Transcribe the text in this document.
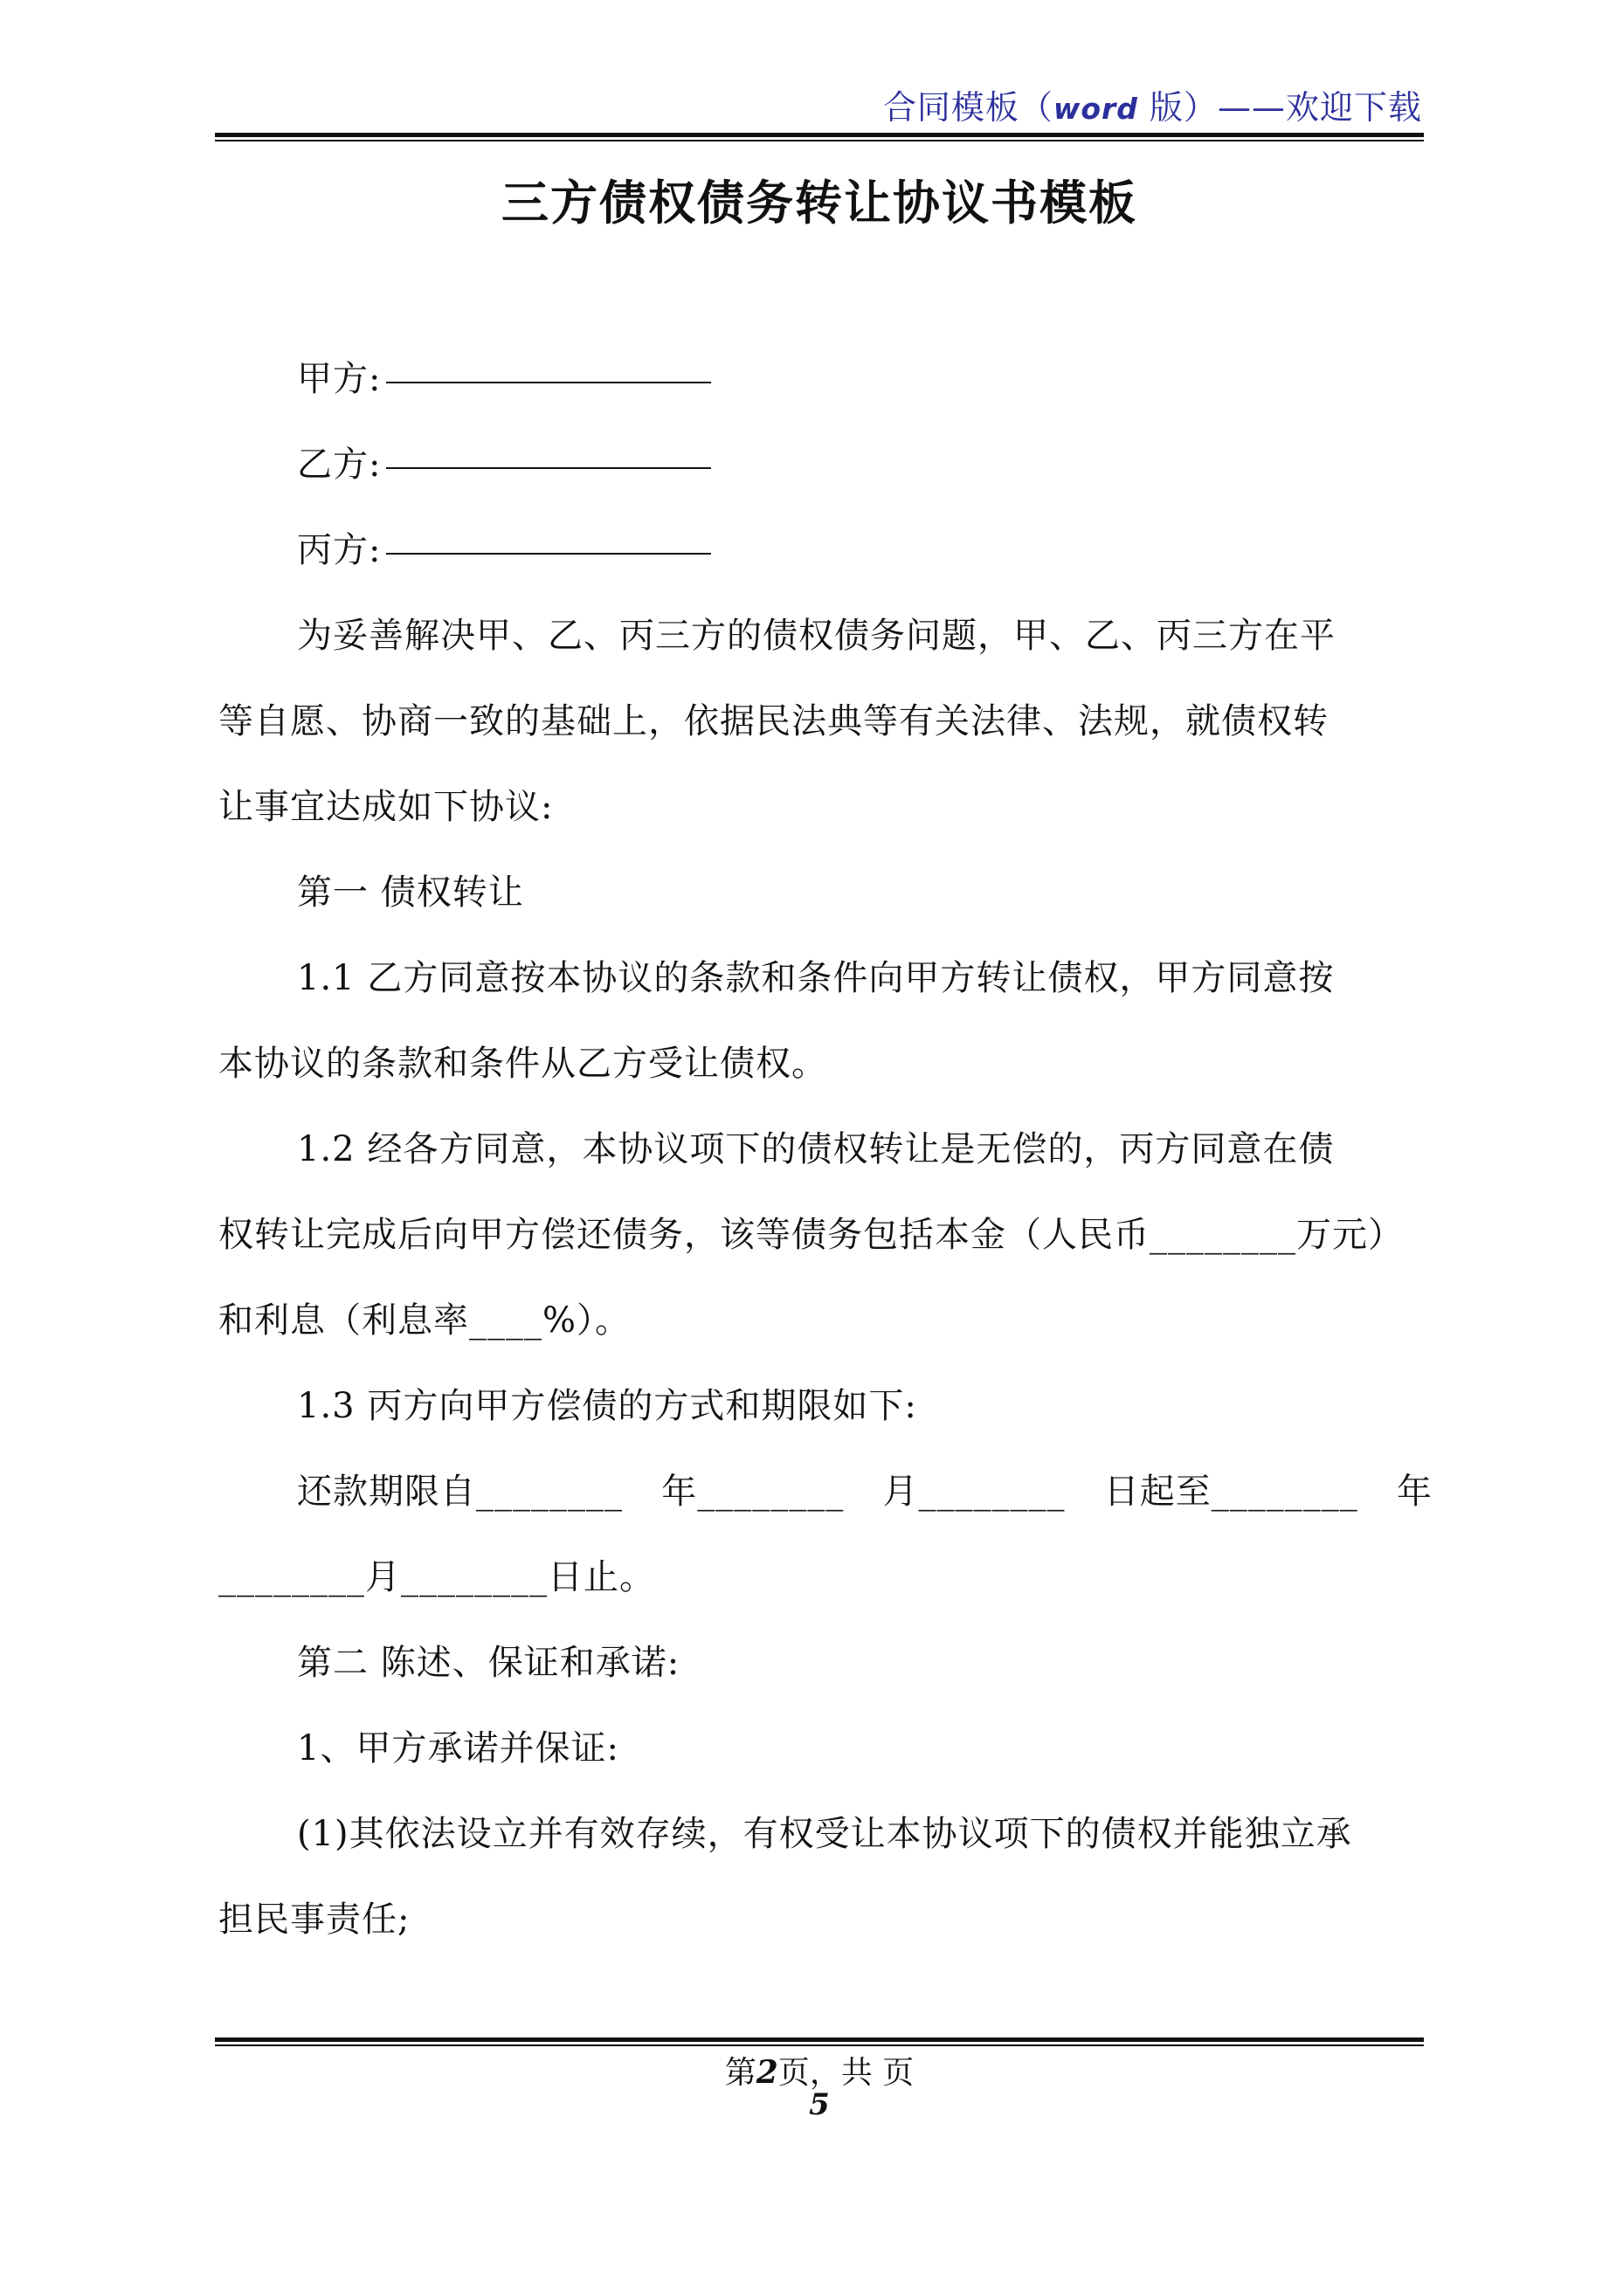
合同模板（word 版）——欢迎下载
三方债权债务转让协议书模板
甲方:
乙方:
丙方:
为妥善解决甲、乙、丙三方的债权债务问题，甲、乙、丙三方在平
等自愿、协商一致的基础上，依据民法典等有关法律、法规，就债权转
让事宜达成如下协议:
第一 债权转让
1.1 乙方同意按本协议的条款和条件向甲方转让债权，甲方同意按
本协议的条款和条件从乙方受让债权。
1.2 经各方同意，本协议项下的债权转让是无偿的，丙方同意在债
权转让完成后向甲方偿还债务，该等债务包括本金（人民币________万元）
和利息（利息率____%）。
1.3 丙方向甲方偿债的方式和期限如下:
还款期限自________ 年________ 月________ 日起至________ 年
________月________日止。
第二 陈述、保证和承诺:
1、甲方承诺并保证:
(1)其依法设立并有效存续，有权受让本协议项下的债权并能独立承
担民事责任;
第2页，共 页
5
